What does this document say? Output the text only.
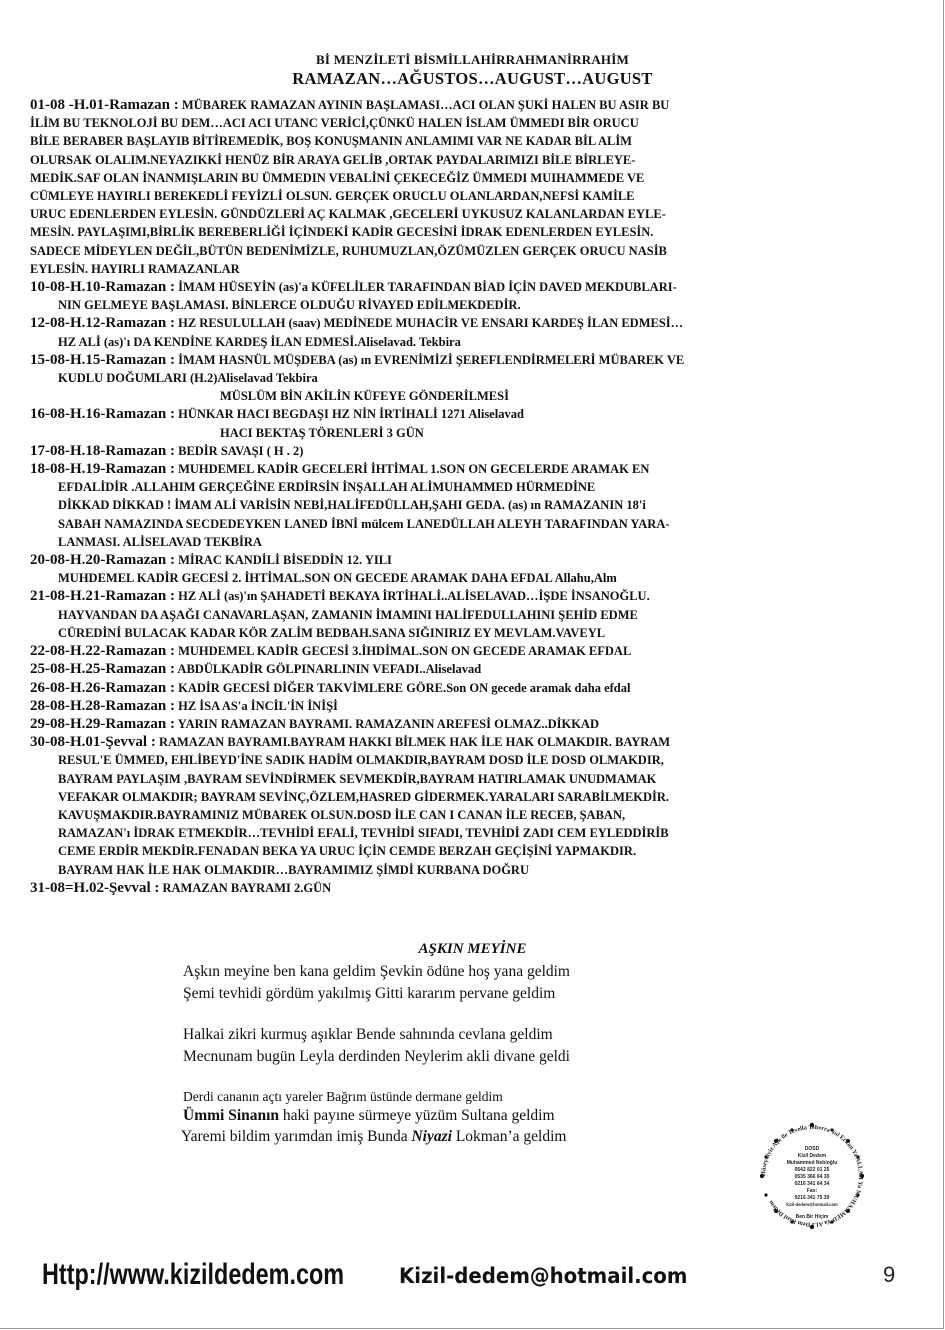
Bİ MENZİLETİ BİSMİLLAHİRRAHMANİRRAHİM
RAMAZAN…AĞUSTOS…AUGUST…AUGUST
01-08 -H.01-Ramazan : MÜBAREK RAMAZAN AYININ BAŞLAMASI…ACI OLAN ŞUKİ HALEN BU ASIR BU
İLİM BU TEKNOLOJİ BU DEM…ACI ACI UTANC VERİCİ,ÇÜNKÜ HALEN İSLAM ÜMMEDI BİR ORUCU
BİLE BERABER BAŞLAYIB BİTİREMEDİK, BOŞ KONUŞMANIN ANLAMIMI VAR NE KADAR BİL ALİM
OLURSAK OLALIM.NEYAZIKKİ HENÜZ BİR ARAYA GELİB ,ORTAK PAYDALARIMIZI BİLE BİRLEYE-
MEDİK.SAF OLAN İNANMIŞLARIN BU ÜMMEDIN VEBALİNİ ÇEKECEĞİZ ÜMMEDI MUIHAMMEDE VE
CÜMLEYE HAYIRLI BEREKEDLİ FEYİZLİ OLSUN. GERÇEK ORUCLU OLANLARDAN,NEFSİ KAMİLE
URUC EDENLERDEN EYLESİN. GÜNDÜZLERİ AÇ KALMAK ,GECELERİ UYKUSUZ KALANLARDAN EYLE-
MESİN. PAYLAŞIMI,BİRLİK BEREBERLİĞİ İÇİNDEKİ KADİR GECESİNİ İDRAK EDENLERDEN EYLESİN.
SADECE MİDEYLEN DEĞİL,BÜTÜN BEDENİMİZLE, RUHUMUZLAN,ÖZÜMÜZLEN GERÇEK ORUCU NASİB
EYLESİN. HAYIRLI RAMAZANLAR
10-08-H.10-Ramazan : İMAM HÜSEYİN (as)'a KÜFELİLER TARAFINDAN BİAD İÇİN DAVED MEKDUBLARI-
NIN GELMEYE BAŞLAMASI. BİNLERCE OLDUĞU RİVAYED EDİLMEKDEDİR.
12-08-H.12-Ramazan : HZ RESULULLAH (saav) MEDİNEDE MUHACİR VE ENSARI KARDEŞ İLAN EDMESİ…
HZ ALİ (as)'ı DA KENDİNE KARDEŞ İLAN EDMESİ.Aliselavad. Tekbira
15-08-H.15-Ramazan : İMAM HASNÜL MÜŞDEBA (as) ın EVRENİMİZİ ŞEREFLENDİRMELERİ MÜBAREK VE
KUDLU DOĞUMLARI (H.2)Aliselavad Tekbira
MÜSLÜM BİN AKİLİN KÜFEYE GÖNDERİLMESİ
16-08-H.16-Ramazan : HÜNKAR HACI BEGDAŞI HZ NİN İRTİHALİ 1271 Aliselavad
HACI BEKTAŞ TÖRENLERİ 3 GÜN
17-08-H.18-Ramazan : BEDİR SAVAŞI ( H . 2)
18-08-H.19-Ramazan : MUHDEMEL KADİR GECELERİ İHTİMAL 1.SON ON GECELERDE ARAMAK EN
EFDALİDİR .ALLAHIM GERÇEĞİNE ERDİRSİN İNŞALLAH ALİMUHAMMED HÜRMEDİNE
DİKKAD DİKKAD ! İMAM ALİ VARİSİN NEBİ,HALİFEDÜLLAH,ŞAHI GEDA. (as) ın RAMAZANIN 18'i
SABAH NAMAZINDA SECDEDEYKEN LANED İBNİ mülcem LANEDÜLLAH ALEYH TARAFINDAN YARA-
LANMASI. ALİSELAVAD TEKBİRA
20-08-H.20-Ramazan : MİRAC KANDİLİ BİSEDDİN 12. YILI
MUHDEMEL KADİR GECESİ 2. İHTİMAL.SON ON GECEDE ARAMAK DAHA EFDAL Allahu,Alm
21-08-H.21-Ramazan : HZ ALİ (as)'ın ŞAHADETİ BEKAYA İRTİHALİ..ALİSELAVAD…İŞDE İNSANOĞLU.
HAYVANDAN DA AŞAĞI CANAVARLAŞAN, ZAMANIN İMAMINI HALİFEDULLAHINI ŞEHİD EDME
CÜREDİNİ BULACAK KADAR KÖR ZALİM BEDBAH.SANA SIĞINIRIZ EY MEVLAM.VAVEYL
22-08-H.22-Ramazan : MUHDEMEL KADİR GECESİ 3.İHDİMAL.SON ON GECEDE ARAMAK EFDAL
25-08-H.25-Ramazan : ABDÜLKADİR GÖLPINARLININ VEFADI..Aliselavad
26-08-H.26-Ramazan : KADİR GECESİ DİĞER TAKVİMLERE GÖRE.Son ON gecede aramak daha efdal
28-08-H.28-Ramazan : HZ İSA AS'a İNCİL'İN İNİŞİ
29-08-H.29-Ramazan : YARIN RAMAZAN BAYRAMI. RAMAZANIN AREFESİ OLMAZ..DİKKAD
30-08-H.01-Şevval : RAMAZAN BAYRAMI.BAYRAM HAKKI BİLMEK HAK İLE HAK OLMAKDIR. BAYRAM
RESUL'E ÜMMED, EHLİBEYD'İNE SADIK HADİM OLMAKDIR,BAYRAM DOSD İLE DOSD OLMAKDIR,
BAYRAM PAYLAŞIM ,BAYRAM SEVİNDİRMEK SEVMEKDİR,BAYRAM HATIRLAMAK UNUDMAMAK
VEFAKAR OLMAKDIR; BAYRAM SEVİNÇ,ÖZLEM,HASRED GİDERMEK.YARALARI SARABİLMEKDİR.
KAVUŞMAKDIR.BAYRAMINIZ MÜBAREK OLSUN.DOSD İLE CAN I CANAN İLE RECEB, ŞABAN,
RAMAZAN'ı İDRAK ETMEKDİR…TEVHİDİ EFALİ, TEVHİDİ SIFADI, TEVHİDİ ZADI CEM EYLEDDİRİB
CEME ERDİR MEKDİR.FENADAN BEKA YA URUC İÇİN CEMDE BERZAH GEÇİŞİNİ YAPMAKDIR.
BAYRAM HAK İLE HAK OLMAKDIR…BAYRAMIMIZ ŞİMDİ KURBANA DOĞRU
31-08=H.02-Şevval : RAMAZAN BAYRAMI 2.GÜN
AŞKIN MEYİNE
Aşkın meyine ben kana geldim Şevkin ödüne hoş yana geldim
Şemi tevhidi gördüm yakılmış Gitti kararım pervane geldim
Halkai zikri kurmuş aşıklar Bende sahnında cevlana geldim
Mecnunam bugün Leyla derdinden Neylerim akli divane geldi
Derdi cananın açtı yareler Bağrım üstünde dermane geldim
Ümmi Sinanın haki payıne sürmeye yüzüm Sultana geldim
Yaremi bildim yarımdan imiş Bunda Niyazi Lokman’a geldim
Hüseyniyiz Aşk ile Tevella Teberra Yol Erkan Ya ALLAH Ya MUHAMMED Ya ALİ Dem Kızıl Dedem
Ben Bir Hiçim
DOSD
Kizil Dedem
Muhammed Nebioğlu
0542 822 01 25
0535 366 64 30
0216 341 64 34
Fax:
0216 341 75 39
kizil-dedem@hotmail.com
Http://www.kizildedem.com	Kizil-dedem@hotmail.com	9
